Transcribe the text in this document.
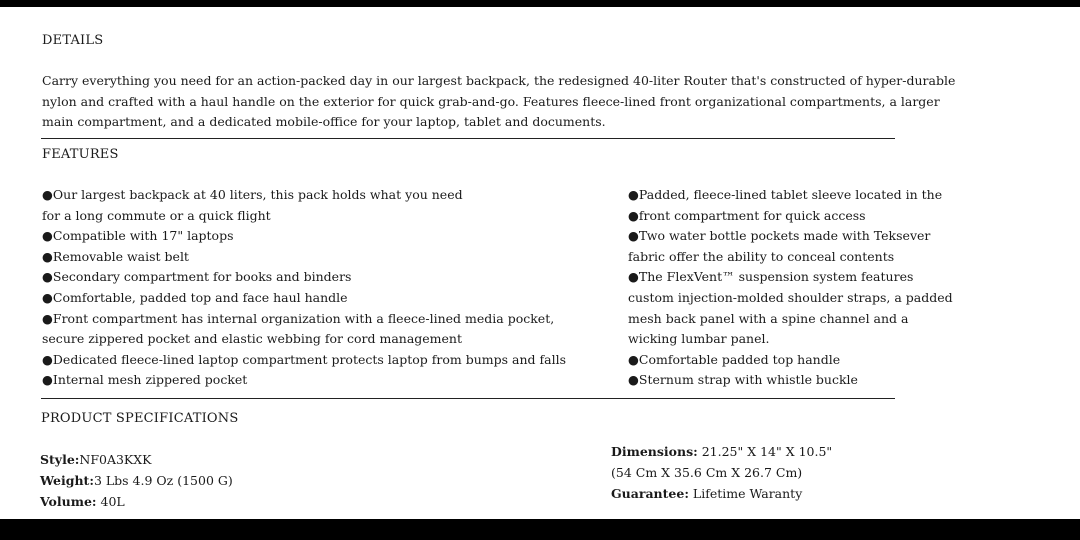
DETAILS
Carry everything you need for an action-packed day in our largest backpack, the redesigned 40-liter Router that's constructed of hyper-durable
nylon and crafted with a haul handle on the exterior for quick grab-and-go. Features fleece-lined front organizational compartments, a larger
main compartment, and a dedicated mobile-office for your laptop, tablet and documents.
FEATURES
●Our largest backpack at 40 liters, this pack holds what you need
for a long commute or a quick flight
●Compatible with 17" laptops
●Removable waist belt
●Secondary compartment for books and binders
●Comfortable, padded top and face haul handle
●Front compartment has internal organization with a fleece-lined media pocket,
secure zippered pocket and elastic webbing for cord management
●Dedicated fleece-lined laptop compartment protects laptop from bumps and falls
●Internal mesh zippered pocket
●Padded, fleece-lined tablet sleeve located in the
●front compartment for quick access
●Two water bottle pockets made with Teksever
fabric offer the ability to conceal contents
●The FlexVent™ suspension system features
custom injection-molded shoulder straps, a padded
mesh back panel with a spine channel and a
wicking lumbar panel.
●Comfortable padded top handle
●Sternum strap with whistle buckle
PRODUCT SPECIFICATIONS
Style:NF0A3KXK
Weight:3 Lbs 4.9 Oz (1500 G)
Volume: 40L
Dimensions: 21.25" X 14" X 10.5"
(54 Cm X 35.6 Cm X 26.7 Cm)
Guarantee: Lifetime Waranty
